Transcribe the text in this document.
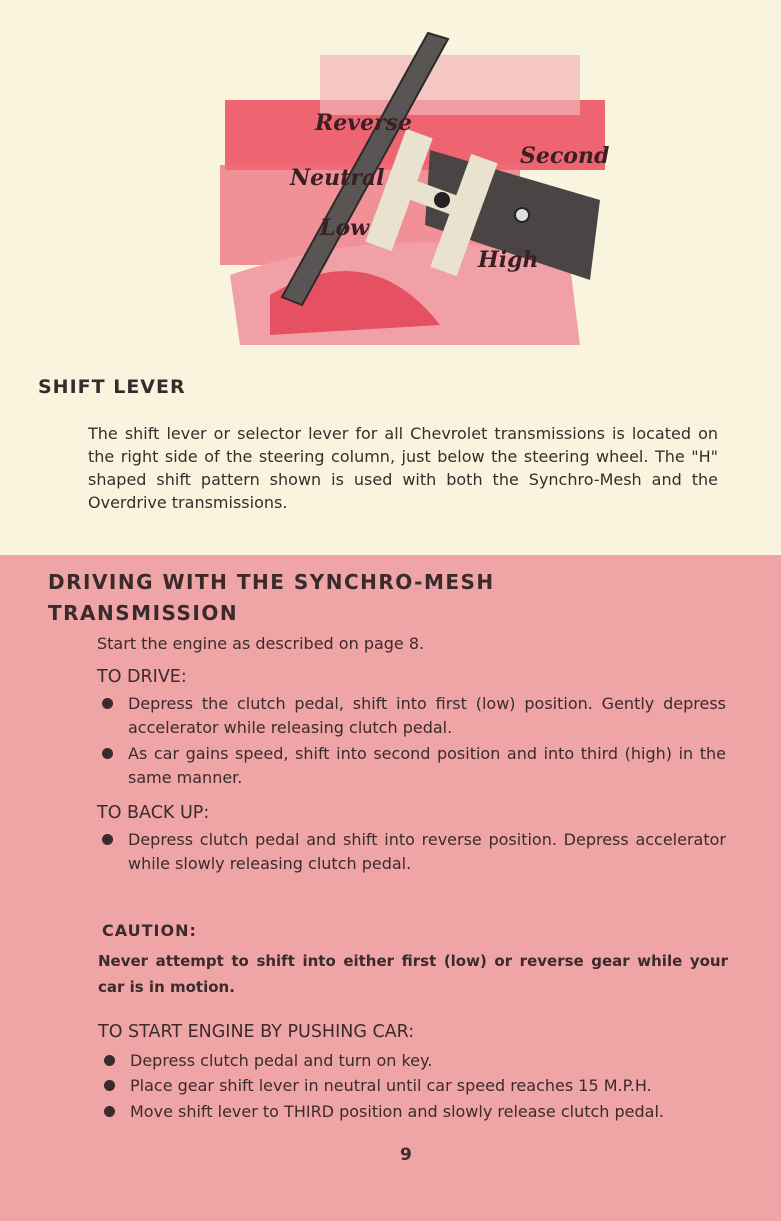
Reverse
Neutral
Low
Second
High
SHIFT LEVER
The shift lever or selector lever for all Chevrolet transmissions is located on the right side of the steering column, just below the steering wheel. The "H" shaped shift pattern shown is used with both the Synchro-Mesh and the Overdrive transmissions.
DRIVING WITH THE SYNCHRO-MESH
TRANSMISSION
Start the engine as described on page 8.
TO DRIVE:
Depress the clutch pedal, shift into first (low) position. Gently depress accelerator while releasing clutch pedal.
As car gains speed, shift into second position and into third (high) in the same manner.
TO BACK UP:
Depress clutch pedal and shift into reverse position. Depress accelerator while slowly releasing clutch pedal.
CAUTION:
Never attempt to shift into either first (low) or reverse gear while your car is in motion.
TO START ENGINE BY PUSHING CAR:
Depress clutch pedal and turn on key.
Place gear shift lever in neutral until car speed reaches 15 M.P.H.
Move shift lever to THIRD position and slowly release clutch pedal.
9
